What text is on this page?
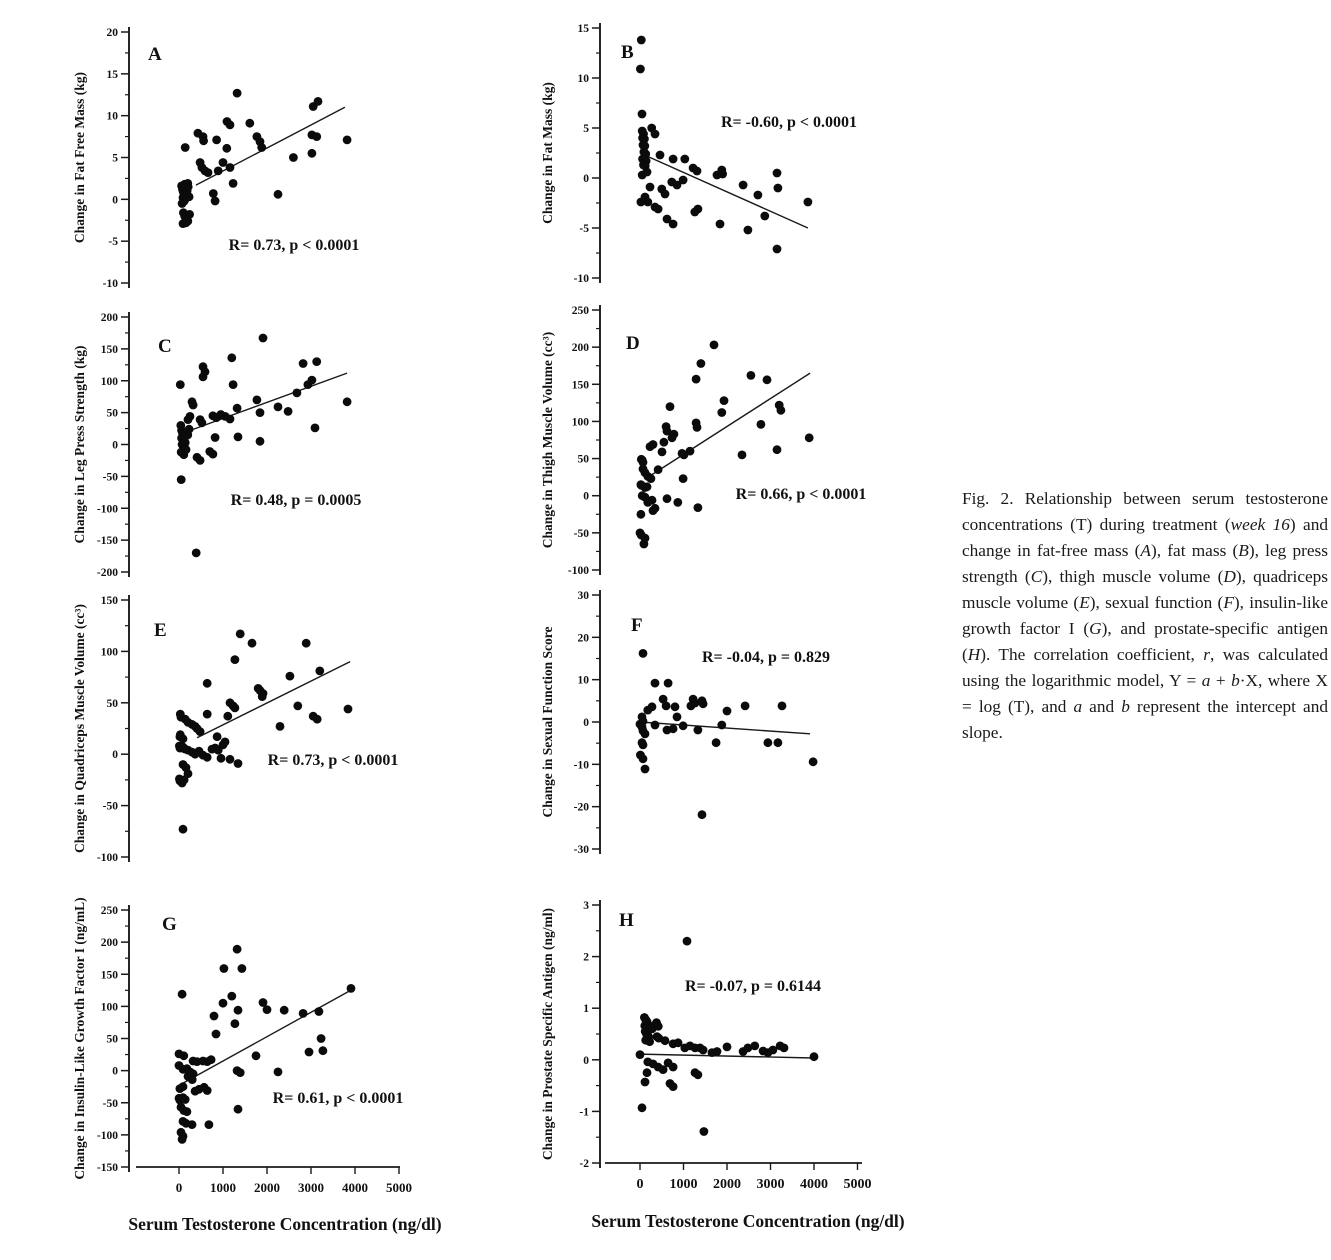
20
15
10
5
0
-5
-10
Change in Fat Free Mass (kg)
A
R= 0.73, p < 0.0001
15
10
5
0
-5
-10
Change in Fat Mass (kg)
B
R= -0.60, p < 0.0001
200
150
100
50
0
-50
-100
-150
-200
Change in Leg Press Strength (kg)	C
R= 0.48, p = 0.0005
250
200
150
100
50
0
-50
-100
Change in Thigh Muscle Volume (cc³)	D
R= 0.66, p < 0.0001
150
100
50
0
-50
-100
Change in Quadriceps Muscle Volume (cc³)	E
R= 0.73, p < 0.0001
30
20
10
0
-10
-20
-30
Change in Sexual Function Score
F
R= -0.04, p = 0.829
250
200
150
100
50
0
-50
-100
-150
Change in Insulin-Like Growth Factor I (ng/mL)	G
R= 0.61, p < 0.0001
0 1000 2000 3000 4000 5000
Serum Testosterone Concentration (ng/dl)
3
2
1
0
-1
-2
Change in Prostate Specific Antigen (ng/ml)	H
R= -0.07, p = 0.6144
0 1000 2000 3000 4000 5000
Serum Testosterone Concentration (ng/dl)
Fig. 2. Relationship between serum testosterone concentrations (T) during treatment (week 16) and change in fat-free mass (A), fat mass (B), leg press strength (C), thigh muscle volume (D), quadriceps muscle volume (E), sexual function (F), insulin-like growth factor I (G), and prostate-specific antigen (H). The correlation coefficient, r, was calculated using the logarithmic model, Y = a + b·X, where X = log (T), and a and b represent the intercept and slope.
